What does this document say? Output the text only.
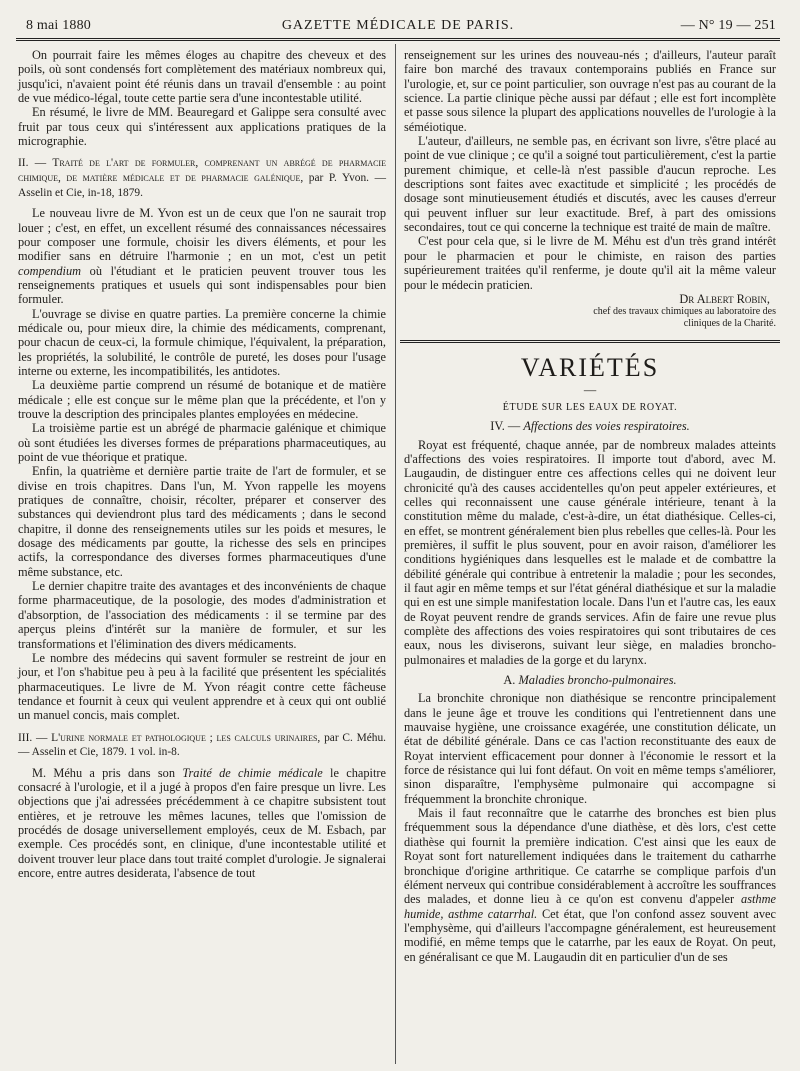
8 mai 1880	GAZETTE MÉDICALE DE PARIS.	— N° 19 — 251

On pourrait faire les mêmes éloges au chapitre des cheveux et des poils, où sont condensés fort complètement des matériaux nombreux qui, jusqu'ici, n'avaient point été réunis dans un travail d'ensemble : au point de vue médico-légal, toute cette partie sera d'une incontestable utilité.

En résumé, le livre de MM. Beauregard et Galippe sera consulté avec fruit par tous ceux qui s'intéressent aux applications pratiques de la micrographie.

II. — Traité de l'art de formuler, comprenant un abrégé de pharmacie chimique, de matière médicale et de pharmacie galénique, par P. Yvon. — Asselin et Cie, in-18, 1879.

Le nouveau livre de M. Yvon est un de ceux que l'on ne saurait trop louer ; c'est, en effet, un excellent résumé des connaissances nécessaires pour composer une formule, choisir les divers éléments, et pour les modifier sans en détruire l'harmonie ; en un mot, c'est un petit compendium où l'étudiant et le praticien peuvent trouver tous les renseignements pratiques et usuels qui sont indispensables pour bien formuler.

L'ouvrage se divise en quatre parties. La première concerne la chimie médicale ou, pour mieux dire, la chimie des médicaments, comprenant, pour chacun de ceux-ci, la formule chimique, l'équivalent, la préparation, les propriétés, la solubilité, le contrôle de pureté, les doses pour l'usage interne ou externe, les incompatibilités, les antidotes.

La deuxième partie comprend un résumé de botanique et de matière médicale ; elle est conçue sur le même plan que la précédente, et l'on y trouve la description des principales plantes employées en médecine.

La troisième partie est un abrégé de pharmacie galénique et chimique où sont étudiées les diverses formes de préparations pharmaceutiques, au point de vue théorique et pratique.

Enfin, la quatrième et dernière partie traite de l'art de formuler, et se divise en trois chapitres. Dans l'un, M. Yvon rappelle les moyens pratiques de connaître, choisir, récolter, préparer et conserver des substances qui deviendront plus tard des médicaments ; dans le second chapitre, il donne des renseignements utiles sur les poids et mesures, le dosage des médicaments par goutte, la richesse des sels en principes actifs, la correspondance des diverses formes pharmaceutiques d'une même substance, etc.

Le dernier chapitre traite des avantages et des inconvénients de chaque forme pharmaceutique, de la posologie, des modes d'administration et d'absorption, de l'association des médicaments : il se termine par des aperçus pleins d'intérêt sur la manière de formuler, et sur les transformations et l'élimination des divers médicaments.

Le nombre des médecins qui savent formuler se restreint de jour en jour, et l'on s'habitue peu à peu à la facilité que présentent les spécialités pharmaceutiques. Le livre de M. Yvon réagit contre cette fâcheuse tendance et fournit à ceux qui veulent apprendre et à ceux qui ont oublié un manuel concis, mais complet.

III. — L'urine normale et pathologique ; les calculs urinaires, par C. Méhu. — Asselin et Cie, 1879. 1 vol. in-8.

M. Méhu a pris dans son Traité de chimie médicale le chapitre consacré à l'urologie, et il a jugé à propos d'en faire presque un livre. Les objections que j'ai adressées précédemment à ce chapitre subsistent tout entières, et je retrouve les mêmes lacunes, telles que l'omission de procédés de dosage universellement employés, ceux de M. Esbach, par exemple. Ces procédés sont, en clinique, d'une incontestable utilité et doivent trouver leur place dans tout traité complet d'urologie. Je signalerai encore, entre autres desiderata, l'absence de tout

renseignement sur les urines des nouveau-nés ; d'ailleurs, l'auteur paraît faire bon marché des travaux contemporains publiés en France sur l'urologie, et, sur ce point particulier, son ouvrage n'est pas au courant de la science. La partie clinique pèche aussi par défaut ; elle est fort incomplète et passe sous silence la plupart des applications nouvelles de l'urologie à la séméiotique.

L'auteur, d'ailleurs, ne semble pas, en écrivant son livre, s'être placé au point de vue clinique ; ce qu'il a soigné tout particulièrement, c'est la partie purement chimique, et celle-là n'est passible d'aucun reproche. Les descriptions sont faites avec exactitude et simplicité ; les procédés de dosage sont minutieusement étudiés et discutés, avec les causes d'erreur qui peuvent influer sur leur exactitude. Bref, à part des omissions secondaires, tout ce qui concerne la technique est traité de main de maître.

C'est pour cela que, si le livre de M. Méhu est d'un très grand intérêt pour le pharmacien et pour le chimiste, en raison des parties supérieurement traitées qu'il renferme, je doute qu'il ait la même valeur pour le médecin praticien.

Dr Albert Robin,
chef des travaux chimiques au laboratoire des
cliniques de la Charité.
VARIÉTÉS
—
ÉTUDE SUR LES EAUX DE ROYAT.
IV. — Affections des voies respiratoires.

Royat est fréquenté, chaque année, par de nombreux malades atteints d'affections des voies respiratoires. Il importe tout d'abord, avec M. Laugaudin, de distinguer entre ces affections celles qui ne doivent leur chronicité qu'à des causes accidentelles qu'on peut appeler extérieures, et celles qui reconnaissent une cause générale intérieure, tenant à la constitution même du malade, c'est-à-dire, un état diathésique. Celles-ci, en effet, se montrent généralement bien plus rebelles que celles-là. Pour les premières, il suffit le plus souvent, pour en avoir raison, d'améliorer les conditions hygiéniques dans lesquelles est le malade et de combattre la débilité générale qui contribue à entretenir la maladie ; pour les secondes, il faut agir en même temps et sur l'état général diathésique et sur la maladie qui en est une simple manifestation locale. Dans l'un et l'autre cas, les eaux de Royat peuvent rendre de grands services. Afin de faire une revue plus complète des affections des voies respiratoires qui sont tributaires de ces eaux, nous les diviserons, suivant leur siège, en maladies broncho-pulmonaires et maladies de la gorge et du larynx.

A. Maladies broncho-pulmonaires.

La bronchite chronique non diathésique se rencontre principalement dans le jeune âge et trouve les conditions qui l'entretiennent dans une mauvaise hygiène, une croissance exagérée, une constitution délicate, un état de débilité générale. Dans ce cas l'action reconstituante des eaux de Royat intervient efficacement pour donner à l'économie le ressort et la force de résistance qui lui font défaut. On voit en même temps s'améliorer, sinon disparaître, l'emphysème pulmonaire qui accompagne si fréquemment la bronchite chronique.

Mais il faut reconnaître que le catarrhe des bronches est bien plus fréquemment sous la dépendance d'une diathèse, et dès lors, c'est cette diathèse qui fournit la première indication. C'est ainsi que les eaux de Royat sont fort naturellement indiquées dans le traitement du catharrhe bronchique d'origine arthritique. Ce catarrhe se complique parfois d'un élément nerveux qui contribue considérablement à accroître les souffrances des malades, et donne lieu à ce qu'on est convenu d'appeler asthme humide, asthme catarrhal. Cet état, que l'on confond assez souvent avec l'emphysème, qui d'ailleurs l'accompagne généralement, est heureusement modifié, en même temps que le catarrhe, par les eaux de Royat. On peut, en généralisant ce que M. Laugaudin dit en particulier d'un de ses
